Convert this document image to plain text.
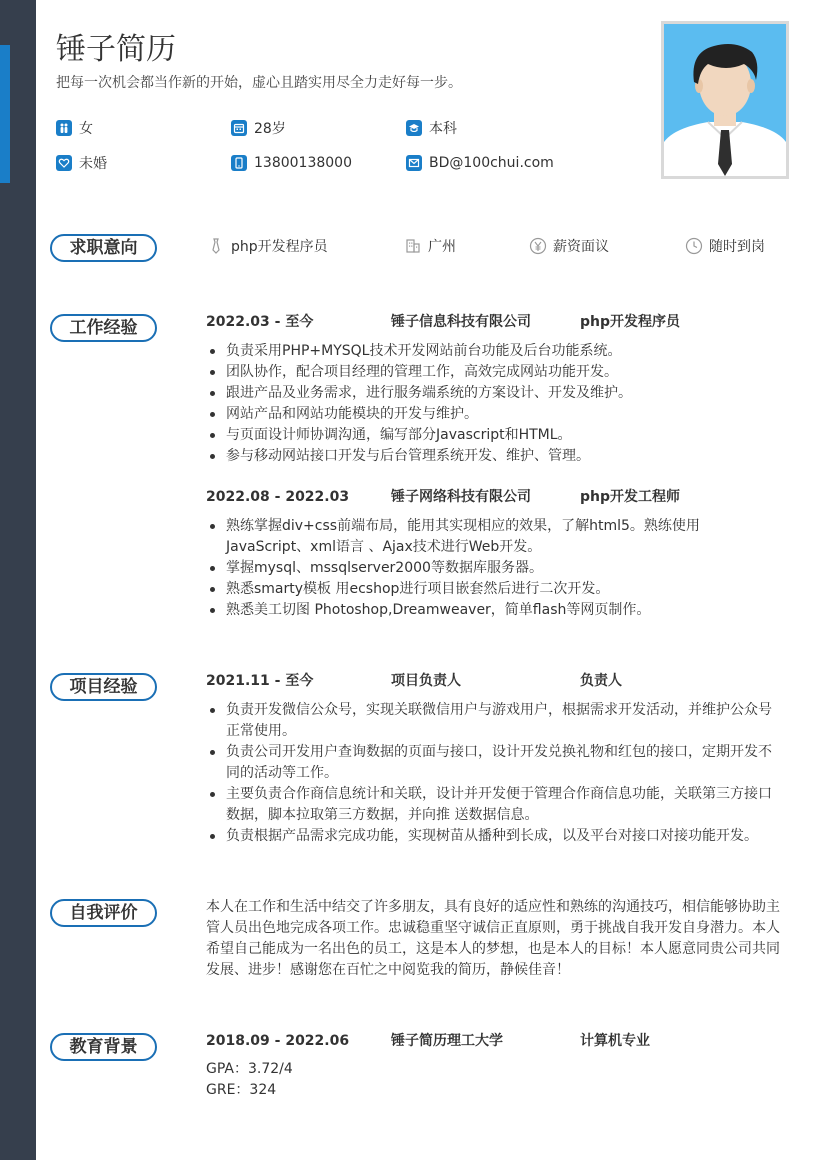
锤子简历
把每一次机会都当作新的开始，虚心且踏实用尽全力走好每一步。
女	28岁	本科
未婚	13800138000	BD@100chui.com
求职意向	php开发程序员	广州	薪资面议	随时到岗
工作经验	2022.03 - 至今	锤子信息科技有限公司	php开发程序员
负责采用PHP+MYSQL技术开发网站前台功能及后台功能系统。
团队协作，配合项目经理的管理工作，高效完成网站功能开发。
跟进产品及业务需求，进行服务端系统的方案设计、开发及维护。
网站产品和网站功能模块的开发与维护。
与页面设计师协调沟通，编写部分Javascript和HTML。
参与移动网站接口开发与后台管理系统开发、维护、管理。
2022.08 - 2022.03	锤子网络科技有限公司	php开发工程师
熟练掌握div+css前端布局，能用其实现相应的效果，了解html5。熟练使用JavaScript、xml语言 、Ajax技术进行Web开发。
掌握mysql、mssqlserver2000等数据库服务器。
熟悉smarty模板 用ecshop进行项目嵌套然后进行二次开发。
熟悉美工切图 Photoshop,Dreamweaver，简单flash等网页制作。
项目经验	2021.11 - 至今	项目负责人	负责人
负责开发微信公众号，实现关联微信用户与游戏用户，根据需求开发活动，并维护公众号正常使用。
负责公司开发用户查询数据的页面与接口，设计开发兑换礼物和红包的接口，定期开发不同的活动等工作。
主要负责合作商信息统计和关联，设计并开发便于管理合作商信息功能，关联第三方接口数据，脚本拉取第三方数据，并向推 送数据信息。
负责根据产品需求完成功能，实现树苗从播种到长成，以及平台对接口对接功能开发。
自我评价	本人在工作和生活中结交了许多朋友，具有良好的适应性和熟练的沟通技巧，相信能够协助主管人员出色地完成各项工作。忠诚稳重坚守诚信正直原则，勇于挑战自我开发自身潜力。本人希望自己能成为一名出色的员工，这是本人的梦想，也是本人的目标！本人愿意同贵公司共同发展、进步！感谢您在百忙之中阅览我的简历，静候佳音！
教育背景	2018.09 - 2022.06	锤子简历理工大学	计算机专业
GPA：3.72/4
GRE：324
